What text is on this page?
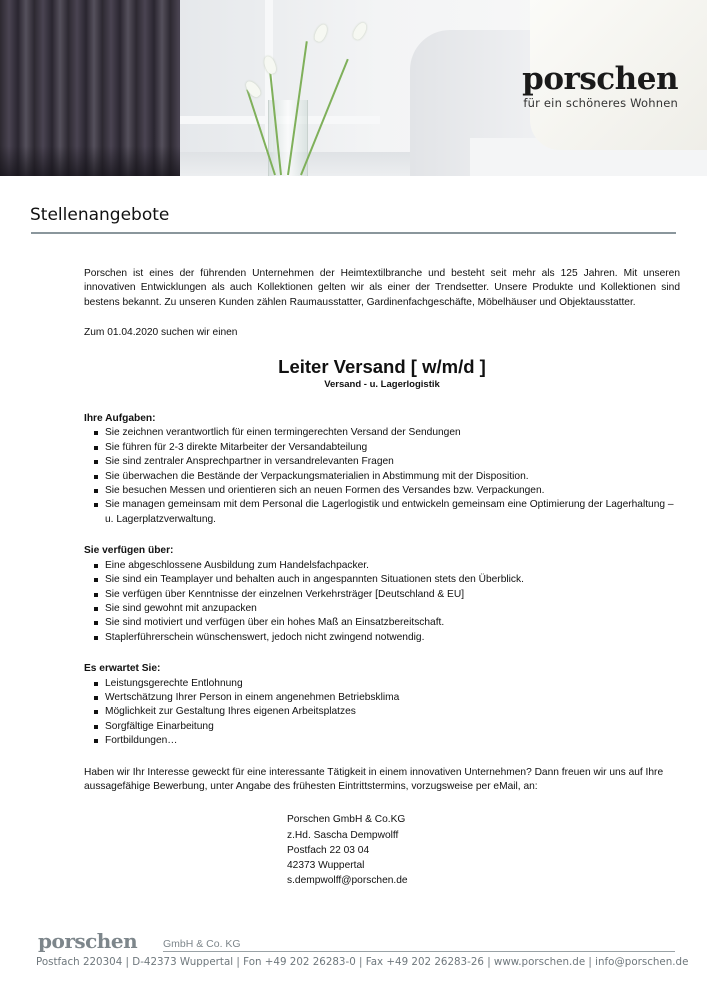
porschen
für ein schöneres Wohnen
Stellenangebote

Porschen ist eines der führenden Unternehmen der Heimtextilbranche und besteht seit mehr als 125 Jahren. Mit unseren innovativen Entwicklungen als auch Kollektionen gelten wir als einer der Trendsetter. Unsere Produkte und Kollektionen sind bestens bekannt. Zu unseren Kunden zählen Raumausstatter, Gardinenfachgeschäfte, Möbelhäuser und Objektausstatter.

Zum 01.04.2020 suchen wir einen

Leiter Versand [ w/m/d ]

Versand - u. Lagerlogistik

Ihre Aufgaben:

Sie zeichnen verantwortlich für einen termingerechten Versand der Sendungen
Sie führen für 2-3 direkte Mitarbeiter der Versandabteilung
Sie sind zentraler Ansprechpartner in versandrelevanten Fragen
Sie überwachen die Bestände der Verpackungsmaterialien in Abstimmung mit der Disposition.
Sie besuchen Messen und orientieren sich an neuen Formen des Versandes bzw. Verpackungen.
Sie managen gemeinsam mit dem Personal die Lagerlogistik und entwickeln gemeinsam eine Optimierung der Lagerhaltung – u. Lagerplatzverwaltung.

Sie verfügen über:

Eine abgeschlossene Ausbildung zum Handelsfachpacker.
Sie sind ein Teamplayer und behalten auch in angespannten Situationen stets den Überblick.
Sie verfügen über Kenntnisse der einzelnen Verkehrsträger [Deutschland & EU]
Sie sind gewohnt mit anzupacken
Sie sind motiviert und verfügen über ein hohes Maß an Einsatzbereitschaft.
Staplerführerschein wünschenswert, jedoch nicht zwingend notwendig.

Es erwartet Sie:

Leistungsgerechte Entlohnung
Wertschätzung Ihrer Person in einem angenehmen Betriebsklima
Möglichkeit zur Gestaltung Ihres eigenen Arbeitsplatzes
Sorgfältige Einarbeitung
Fortbildungen…

Haben wir Ihr Interesse geweckt für eine interessante Tätigkeit in einem innovativen Unternehmen? Dann freuen wir uns auf Ihre aussagefähige Bewerbung, unter Angabe des frühesten Eintrittstermins, vorzugsweise per eMail, an:

Porschen GmbH & Co.KG
z.Hd. Sascha Dempwolff
Postfach 22 03 04
42373 Wuppertal
s.dempwolff@porschen.de
porschen GmbH & Co. KG
Postfach 220304 | D-42373 Wuppertal | Fon +49 202 26283-0 | Fax +49 202 26283-26 | www.porschen.de | info@porschen.de
